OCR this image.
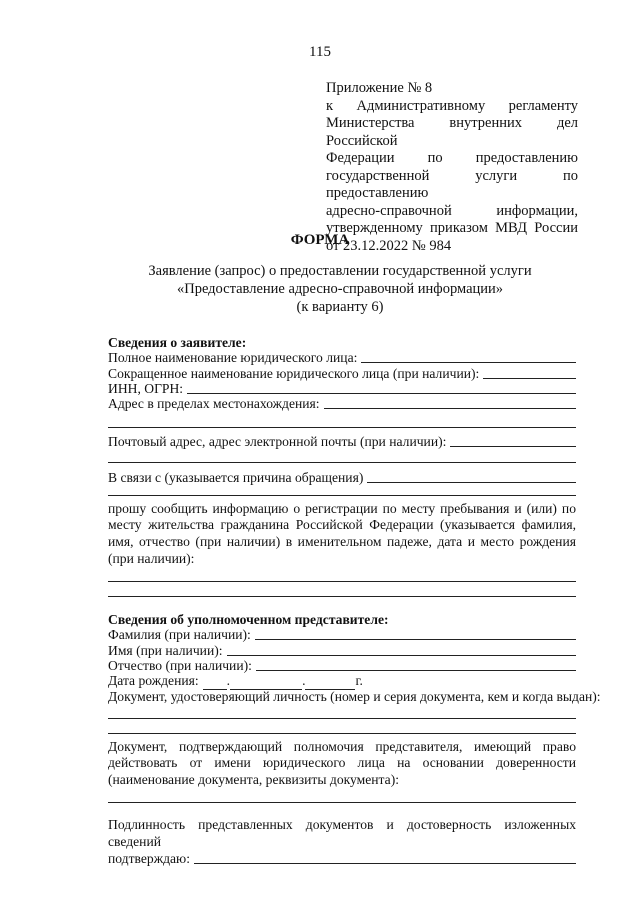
115
Приложение № 8
к Административному регламенту
Министерства внутренних дел Российской
Федерации по предоставлению
государственной услуги по предоставлению
адресно-справочной информации,
утвержденному приказом МВД России
от 23.12.2022 № 984
ФОРМА
Заявление (запрос) о предоставлении государственной услуги
«Предоставление адресно-справочной информации»
(к варианту 6)
Сведения о заявителе:
Полное наименование юридического лица:
Сокращенное наименование юридического лица (при наличии):
ИНН, ОГРН:
Адрес в пределах местонахождения:
Почтовый адрес, адрес электронной почты (при наличии):
В связи с (указывается причина обращения)
прошу сообщить информацию о регистрации по месту пребывания и (или) по месту жительства гражданина Российской Федерации (указывается фамилия, имя, отчество (при наличии) в именительном падеже, дата и место рождения (при наличии):
Сведения об уполномоченном представителе:
Фамилия (при наличии):
Имя (при наличии):
Отчество (при наличии):
Дата рождения: .	.	г.
Документ, удостоверяющий личность (номер и серия документа, кем и когда выдан):
Документ, подтверждающий полномочия представителя, имеющий право действовать от имени юридического лица на основании доверенности (наименование документа, реквизиты документа):
Подлинность представленных документов и достоверность изложенных сведений
подтверждаю:
